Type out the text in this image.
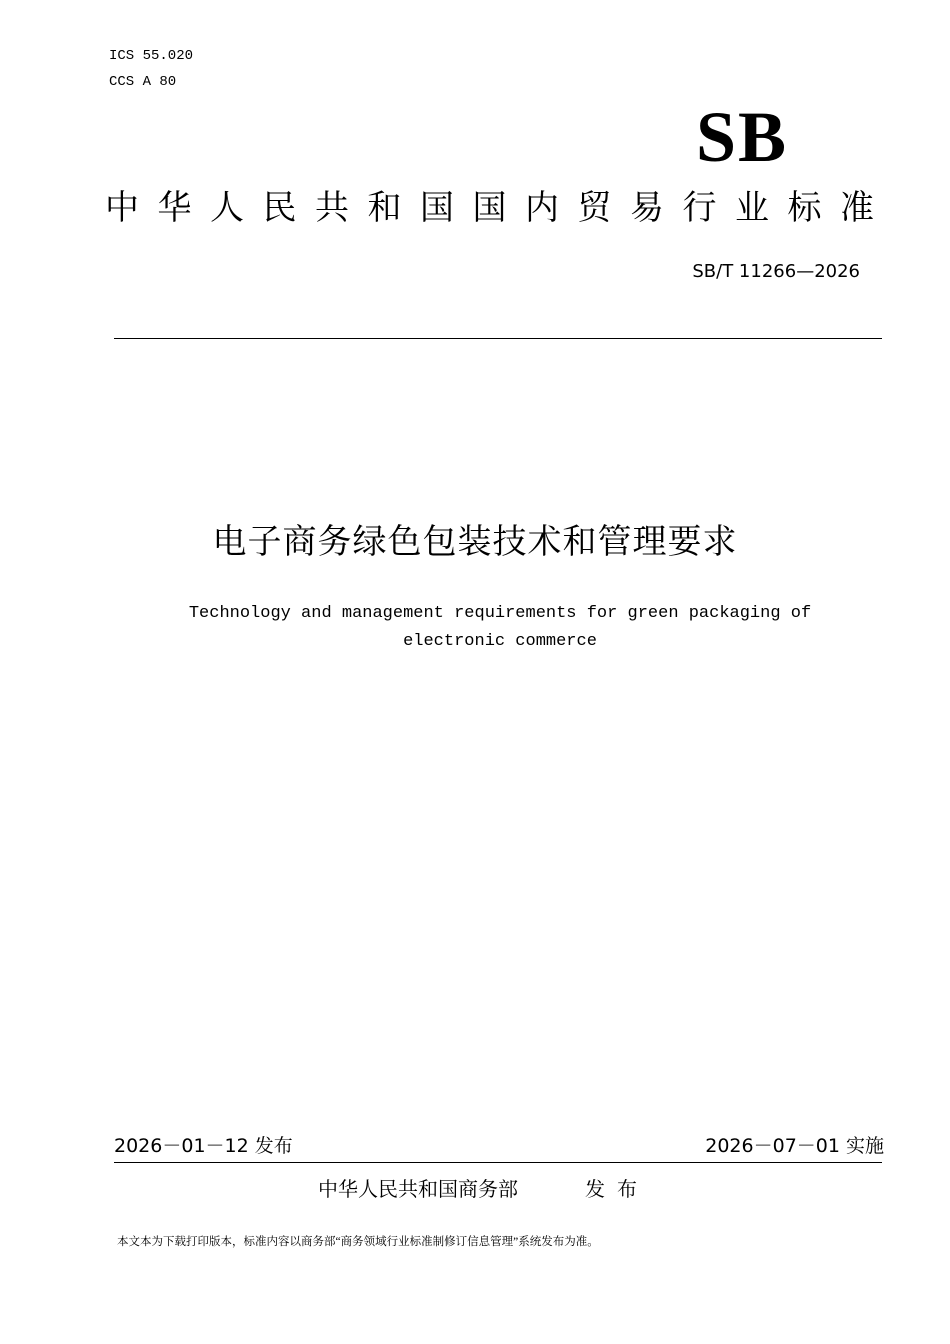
ICS 55.020
CCS A 80
SB
中华人民共和国国内贸易行业标准
SB/T 11266—2026
电子商务绿色包装技术和管理要求
Technology and management requirements for green packaging of electronic commerce
2026－01－12 发布	2026－07－01 实施
中华人民共和国商务部	发布
本文本为下载打印版本，标准内容以商务部“商务领域行业标准制修订信息管理”系统发布为准。
